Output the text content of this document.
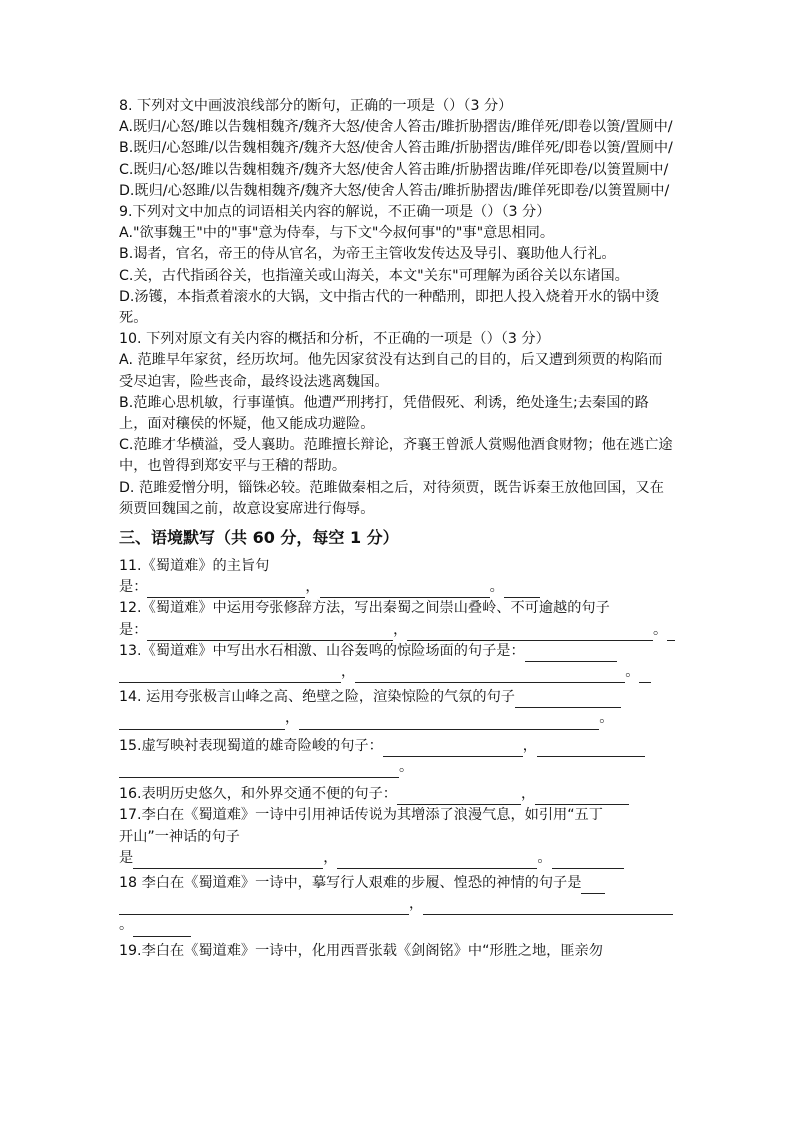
8. 下列对文中画波浪线部分的断句，正确的一项是（）（3 分）

A.既归/心怒/雎以告魏相魏齐/魏齐大怒/使舍人笞击/雎折胁摺齿/雎佯死/即卷以箦/置厕中/

B.既归/心怒雎/以告魏相魏齐/魏齐大怒/使舍人笞击雎/折胁摺齿/雎佯死/即卷以箦/置厕中/

C.既归/心怒/雎以告魏相魏齐/魏齐大怒/使舍人笞击雎/折胁摺齿雎/佯死即卷/以箦置厕中/

D.既归/心怒雎/以告魏相魏齐/魏齐大怒/使舍人笞击/雎折胁摺齿/雎佯死即卷/以箦置厕中/

9.下列对文中加点的词语相关内容的解说，不正确一项是（）（3 分）

A."欲事魏王"中的"事"意为侍奉，与下文"今叔何事"的"事"意思相同。

B.谒者，官名，帝王的侍从官名，为帝王主管收发传达及导引、襄助他人行礼。

C.关，古代指函谷关，也指潼关或山海关，本文"关东"可理解为函谷关以东诸国。

D.汤镬，本指煮着滚水的大锅，文中指古代的一种酷刑，即把人投入烧着开水的锅中烫死。

10. 下列对原文有关内容的概括和分析，不正确的一项是（）（3 分）

A. 范雎早年家贫，经历坎坷。他先因家贫没有达到自己的目的，后又遭到须贾的构陷而受尽迫害，险些丧命，最终设法逃离魏国。

B.范雎心思机敏，行事谨慎。他遭严刑拷打，凭借假死、利诱，绝处逢生;去秦国的路上，面对穰侯的怀疑，他又能成功避险。

C.范雎才华横溢，受人襄助。范雎擅长辩论，齐襄王曾派人赏赐他酒食财物；他在逃亡途中，也曾得到郑安平与王稽的帮助。

D. 范雎爱憎分明，锱铢必较。范雎做秦相之后，对待须贾，既告诉秦王放他回国，又在须贾回魏国之前，故意设宴席进行侮辱。

三、语境默写（共 60 分，每空 1 分）

11.《蜀道难》的主旨句

是：	，	。

12.《蜀道难》中运用夸张修辞方法，写出秦蜀之间崇山叠岭、不可逾越的句子

是：	，	。
13.《蜀道难》中写出水石相激、山谷轰鸣的惊险场面的句子是：
，	。
14. 运用夸张极言山峰之高、绝壁之险，渲染惊险的气氛的句子
，	。
15.虚写映衬表现蜀道的雄奇险峻的句子：	，
。
16.表明历史悠久，和外界交通不便的句子：	，

17.李白在《蜀道难》一诗中引用神话传说为其增添了浪漫气息，如引用“五丁

开山”一神话的句子

是	，	。
18 李白在《蜀道难》一诗中，摹写行人艰难的步履、惶恐的神情的句子是
，
。

19.李白在《蜀道难》一诗中，化用西晋张载《剑阁铭》中“形胜之地，匪亲勿
